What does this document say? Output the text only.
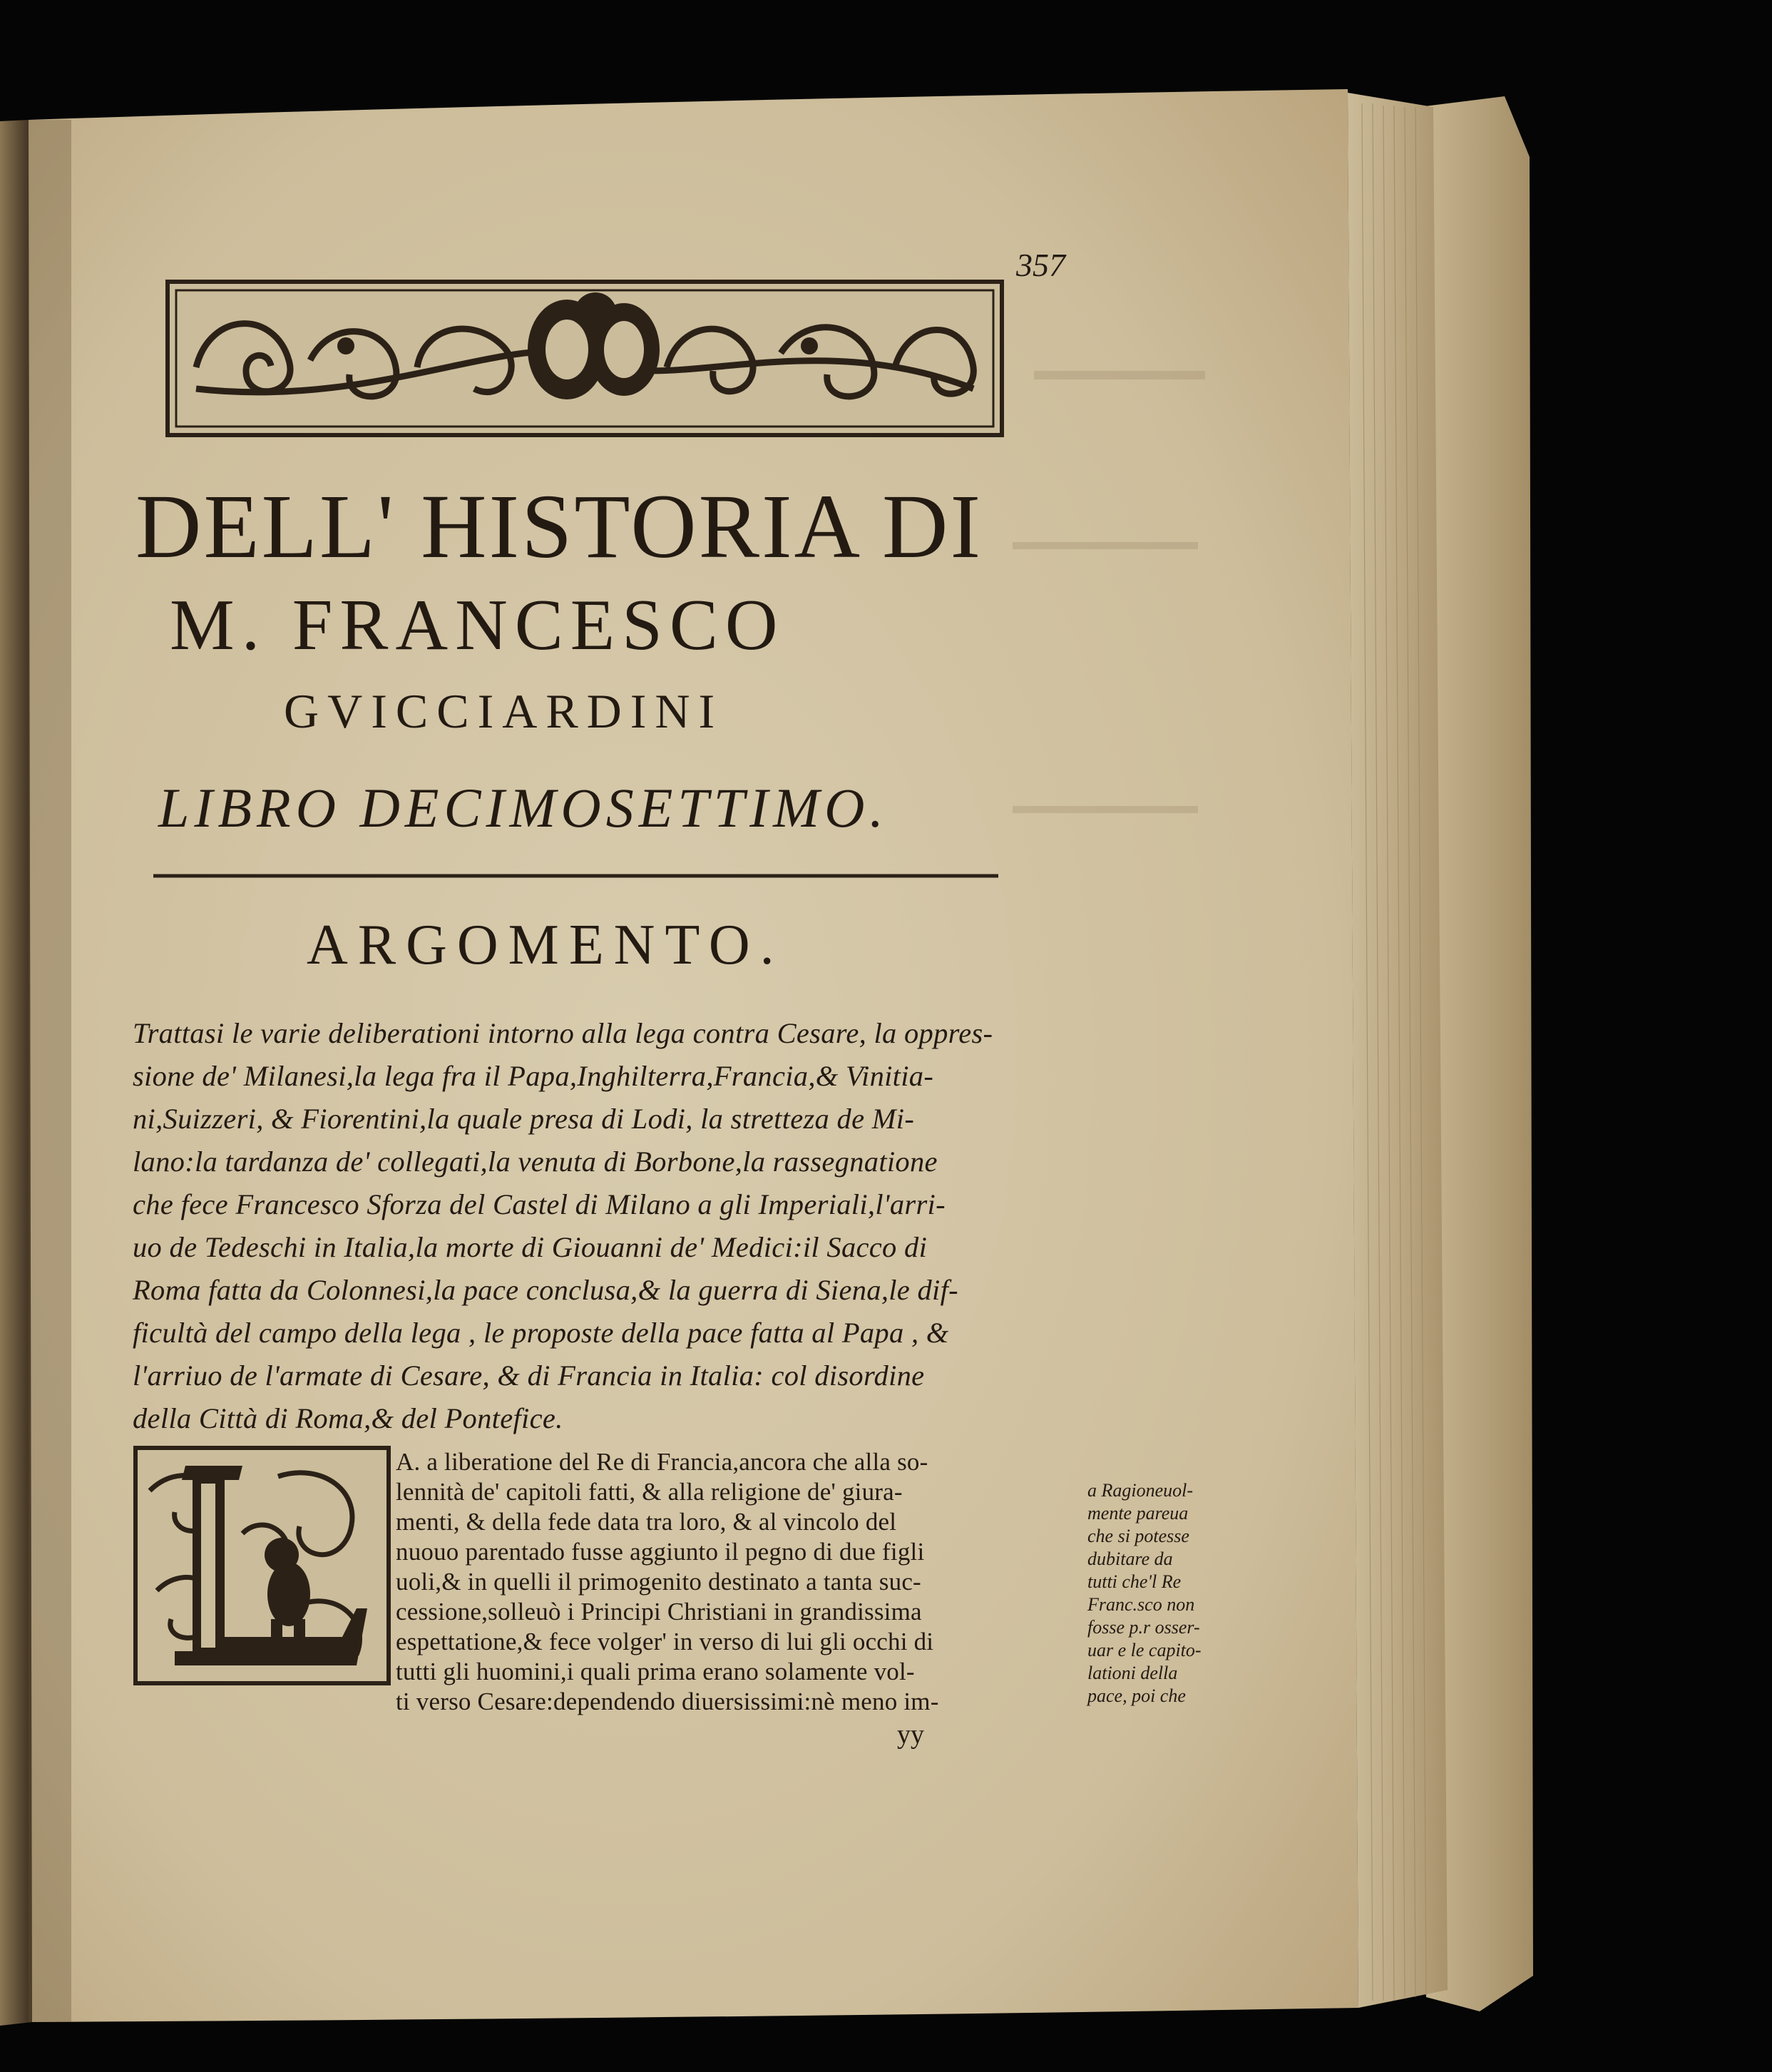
357
DELL' HISTORIA DI
M. FRANCESCO
GVICCIARDINI
LIBRO DECIMOSETTIMO.
ARGOMENTO.
Trattasi le varie deliberationi intorno alla lega contra Cesare, la oppres-
sione de' Milanesi,la lega fra il Papa,Inghilterra,Francia,& Vinitia-
ni,Suizzeri, & Fiorentini,la quale presa di Lodi, la stretteza de Mi-
lano:la tardanza de' collegati,la venuta di Borbone,la rassegnatione
che fece Francesco Sforza del Castel di Milano a gli Imperiali,l'arri-
uo de Tedeschi in Italia,la morte di Giouanni de' Medici:il Sacco di
Roma fatta da Colonnesi,la pace conclusa,& la guerra di Siena,le dif-
ficultà del campo della lega , le proposte della pace fatta al Papa , &
l'arriuo de l'armate di Cesare, & di Francia in Italia: col disordine
della Città di Roma,& del Pontefice.
A. a liberatione del Re di Francia,ancora che alla so-
lennità de' capitoli fatti, & alla religione de' giura-
menti, & della fede data tra loro, & al vincolo del
nuouo parentado fusse aggiunto il pegno di due figli
uoli,& in quelli il primogenito destinato a tanta suc-
cessione,solleuò i Principi Christiani in grandissima
espettatione,& fece volger' in verso di lui gli occhi di
tutti gli huomini,i quali prima erano solamente vol-
ti verso Cesare:dependendo diuersissimi:nè meno im-
a Ragioneuol-
mente pareua
che si potesse
dubitare da
tutti che'l Re
Franc.sco non
fosse p.r osser-
uar e le capito-
lationi della
pace, poi che
yy
